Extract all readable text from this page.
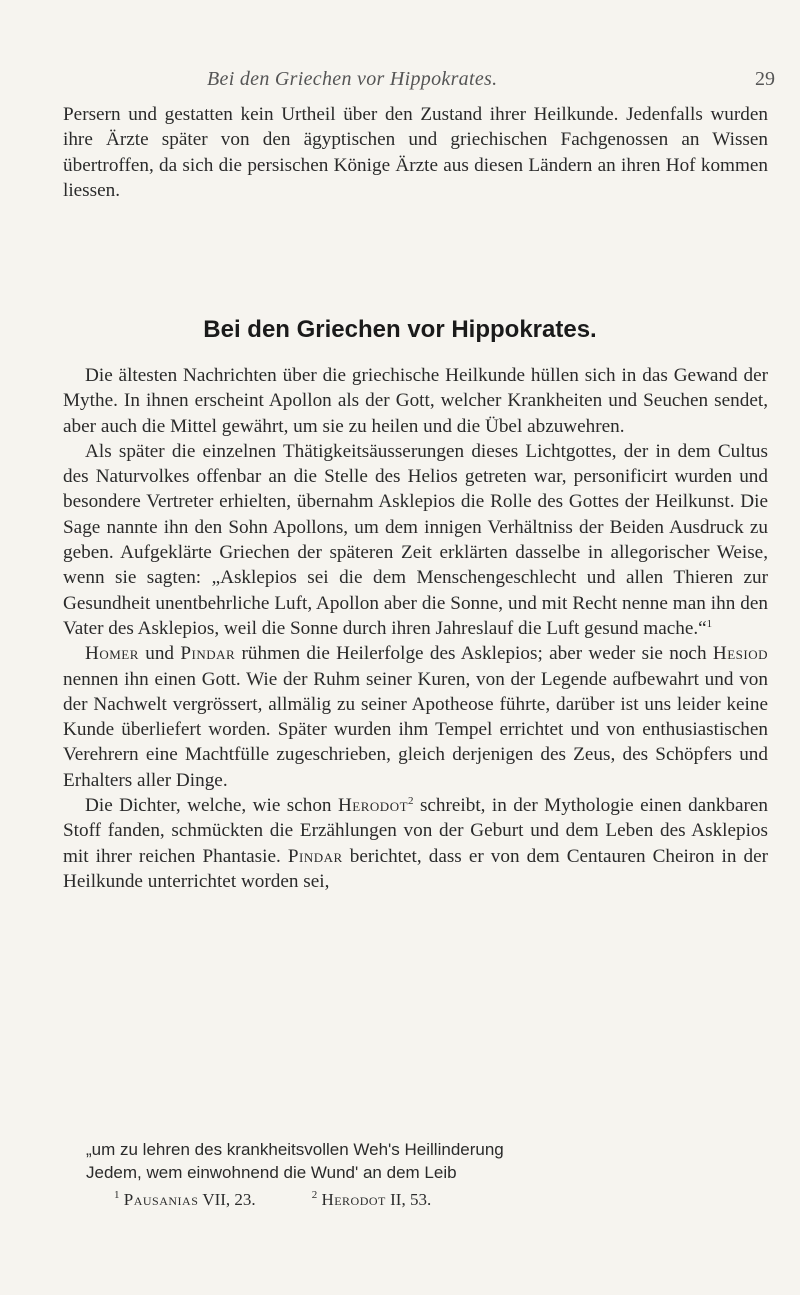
Bei den Griechen vor Hippokrates.	29

Persern und gestatten kein Urtheil über den Zustand ihrer Heilkunde. Jedenfalls wurden ihre Ärzte später von den ägyptischen und griechischen Fachgenossen an Wissen übertroffen, da sich die persischen Könige Ärzte aus diesen Ländern an ihren Hof kommen liessen.

Bei den Griechen vor Hippokrates.

Die ältesten Nachrichten über die griechische Heilkunde hüllen sich in das Gewand der Mythe. In ihnen erscheint Apollon als der Gott, welcher Krankheiten und Seuchen sendet, aber auch die Mittel gewährt, um sie zu heilen und die Übel abzuwehren.

Als später die einzelnen Thätigkeitsäusserungen dieses Lichtgottes, der in dem Cultus des Naturvolkes offenbar an die Stelle des Helios getreten war, personificirt wurden und besondere Vertreter erhielten, übernahm Asklepios die Rolle des Gottes der Heilkunst. Die Sage nannte ihn den Sohn Apollons, um dem innigen Verhältniss der Beiden Ausdruck zu geben. Aufgeklärte Griechen der späteren Zeit erklärten dasselbe in allegorischer Weise, wenn sie sagten: „Asklepios sei die dem Menschengeschlecht und allen Thieren zur Gesundheit unentbehrliche Luft, Apollon aber die Sonne, und mit Recht nenne man ihn den Vater des Asklepios, weil die Sonne durch ihren Jahreslauf die Luft gesund mache.“$^1$

Homer und Pindar rühmen die Heilerfolge des Asklepios; aber weder sie noch Hesiod nennen ihn einen Gott. Wie der Ruhm seiner Kuren, von der Legende aufbewahrt und von der Nachwelt vergrössert, allmälig zu seiner Apotheose führte, darüber ist uns leider keine Kunde überliefert worden. Später wurden ihm Tempel errichtet und von enthusiastischen Verehrern eine Machtfülle zugeschrieben, gleich derjenigen des Zeus, des Schöpfers und Erhalters aller Dinge.

Die Dichter, welche, wie schon Herodot$^2$ schreibt, in der Mythologie einen dankbaren Stoff fanden, schmückten die Erzählungen von der Geburt und dem Leben des Asklepios mit ihrer reichen Phantasie. Pindar berichtet, dass er von dem Centauren Cheiron in der Heilkunde unterrichtet worden sei,

„um zu lehren des krankheitsvollen Weh's Heillinderung
Jedem, wem einwohnend die Wund' an dem Leib
$^1$ Pausanias VII, 23.	$^2$ Herodot II, 53.
